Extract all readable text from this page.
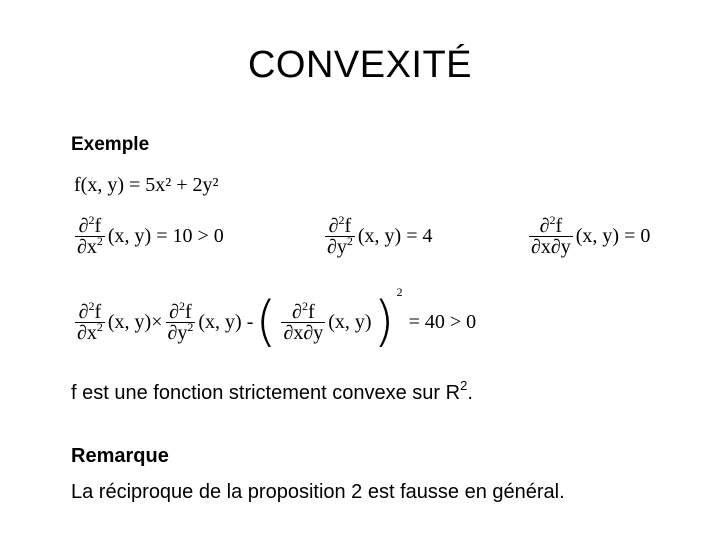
CONVEXITÉ
Exemple
f(x, y) = 5x² + 2y²
$\frac{\partial^2f}{\partial x^2} (x$, y) = 10 > 0	$\frac{\partial^2f}{\partial y^2} (x$, y) = 4	$\frac{\partial^2f}{\partial x\partial y} (x$, y) = 0
$\frac{\partial^2f}{\partial x^2} (x$, $y)\times \frac{\partial^2f}{\partial y^2} (x$, y) - ( $\frac{\partial^2f}{\partial x\partial y} (x$, y) ) 2
= 40 > 0
f est une fonction strictement convexe sur $R^2$.
Remarque
La réciproque de la proposition 2 est fausse en général.
